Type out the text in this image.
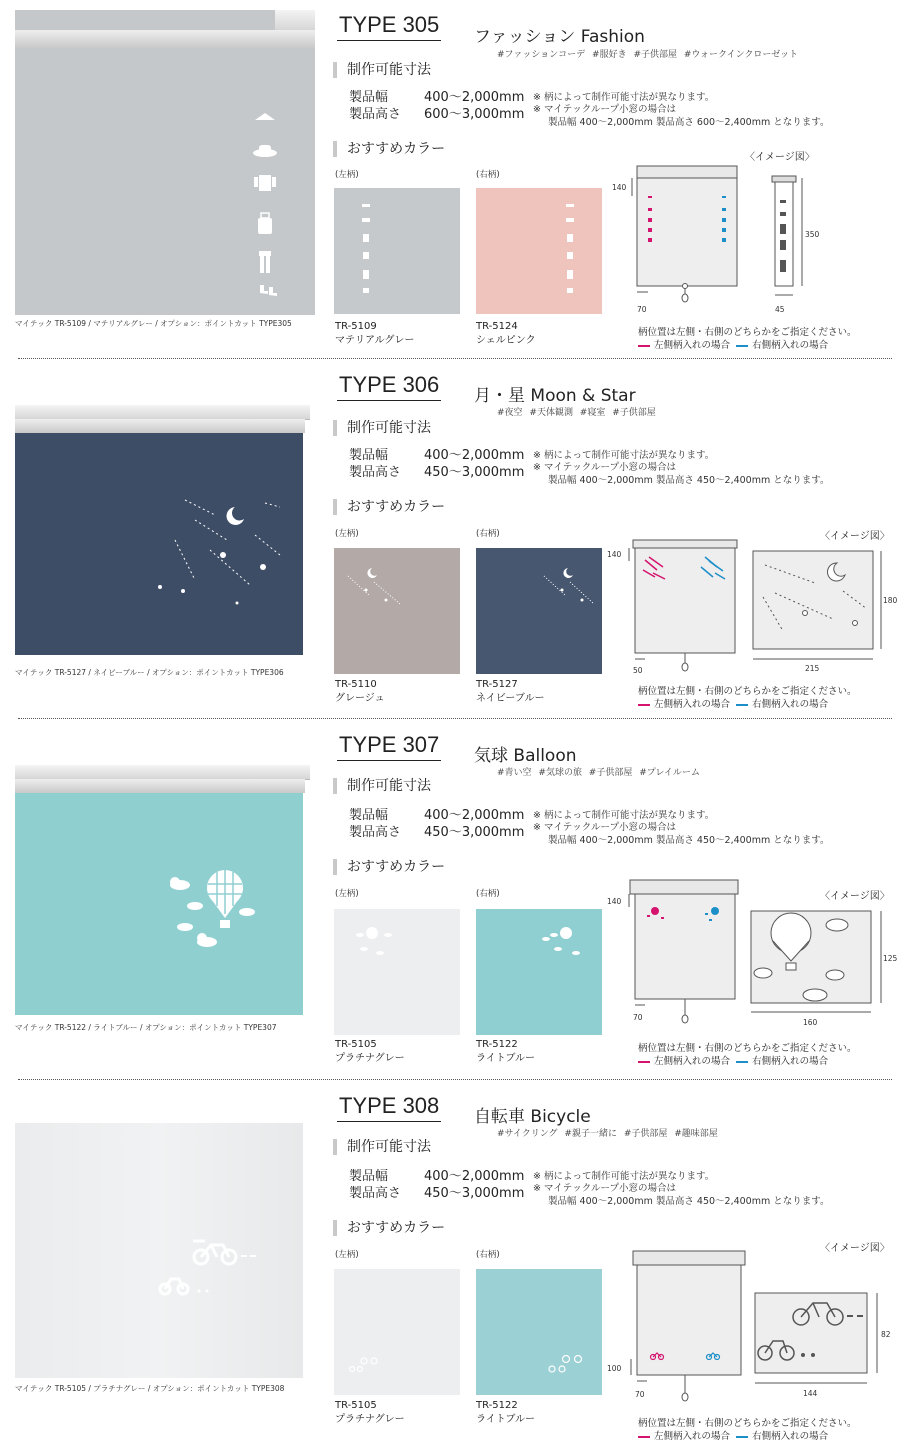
マイテック TR-5109 / マテリアルグレー / オプション：ポイントカット TYPE305
TYPE 305 ファッション Fashion
#ファッションコーデ #服好き #子供部屋 #ウォークインクローゼット
制作可能寸法
製品幅	400〜2,000mm
製品高さ 600〜3,000mm
※ 柄によって制作可能寸法が異なります。
※ マイテックループ小窓の場合は
製品幅 400〜2,000mm 製品高さ 600〜2,400mm となります。
おすすめカラー
(左柄)	(右柄)
TR-5109
マテリアルグレー
TR-5124
シェルピンク
〈イメージ図〉
140
70
350
45
柄位置は左側・右側のどちらかをご指定ください。
左側柄入れの場合 右側柄入れの場合
マイテック TR-5127 / ネイビーブルー / オプション：ポイントカット TYPE306
TYPE 306 月・星 Moon & Star
#夜空 #天体観測 #寝室 #子供部屋
制作可能寸法
製品幅	400〜2,000mm
製品高さ 450〜3,000mm
※ 柄によって制作可能寸法が異なります。
※ マイテックループ小窓の場合は
製品幅 400〜2,000mm 製品高さ 450〜2,400mm となります。
おすすめカラー
(左柄)	(右柄)
TR-5110
グレージュ
TR-5127
ネイビーブルー
〈イメージ図〉
140
50
180
215
柄位置は左側・右側のどちらかをご指定ください。
左側柄入れの場合 右側柄入れの場合
マイテック TR-5122 / ライトブルー / オプション：ポイントカット TYPE307
TYPE 307 気球 Balloon
#青い空 #気球の旅 #子供部屋 #プレイルーム
制作可能寸法
製品幅	400〜2,000mm
製品高さ 450〜3,000mm
※ 柄によって制作可能寸法が異なります。
※ マイテックループ小窓の場合は
製品幅 400〜2,000mm 製品高さ 450〜2,400mm となります。
おすすめカラー
(左柄)	(右柄)
TR-5105
プラチナグレー
TR-5122
ライトブルー
〈イメージ図〉
140
70
125
160
柄位置は左側・右側のどちらかをご指定ください。
左側柄入れの場合 右側柄入れの場合
マイテック TR-5105 / プラチナグレー / オプション：ポイントカット TYPE308
TYPE 308 自転車 Bicycle
#サイクリング #親子一緒に #子供部屋 #趣味部屋
制作可能寸法
製品幅	400〜2,000mm
製品高さ 450〜3,000mm
※ 柄によって制作可能寸法が異なります。
※ マイテックループ小窓の場合は
製品幅 400〜2,000mm 製品高さ 450〜2,400mm となります。
おすすめカラー
(左柄)	(右柄)
TR-5105
プラチナグレー
TR-5122
ライトブルー
〈イメージ図〉
100
70
82
144
柄位置は左側・右側のどちらかをご指定ください。
左側柄入れの場合 右側柄入れの場合
